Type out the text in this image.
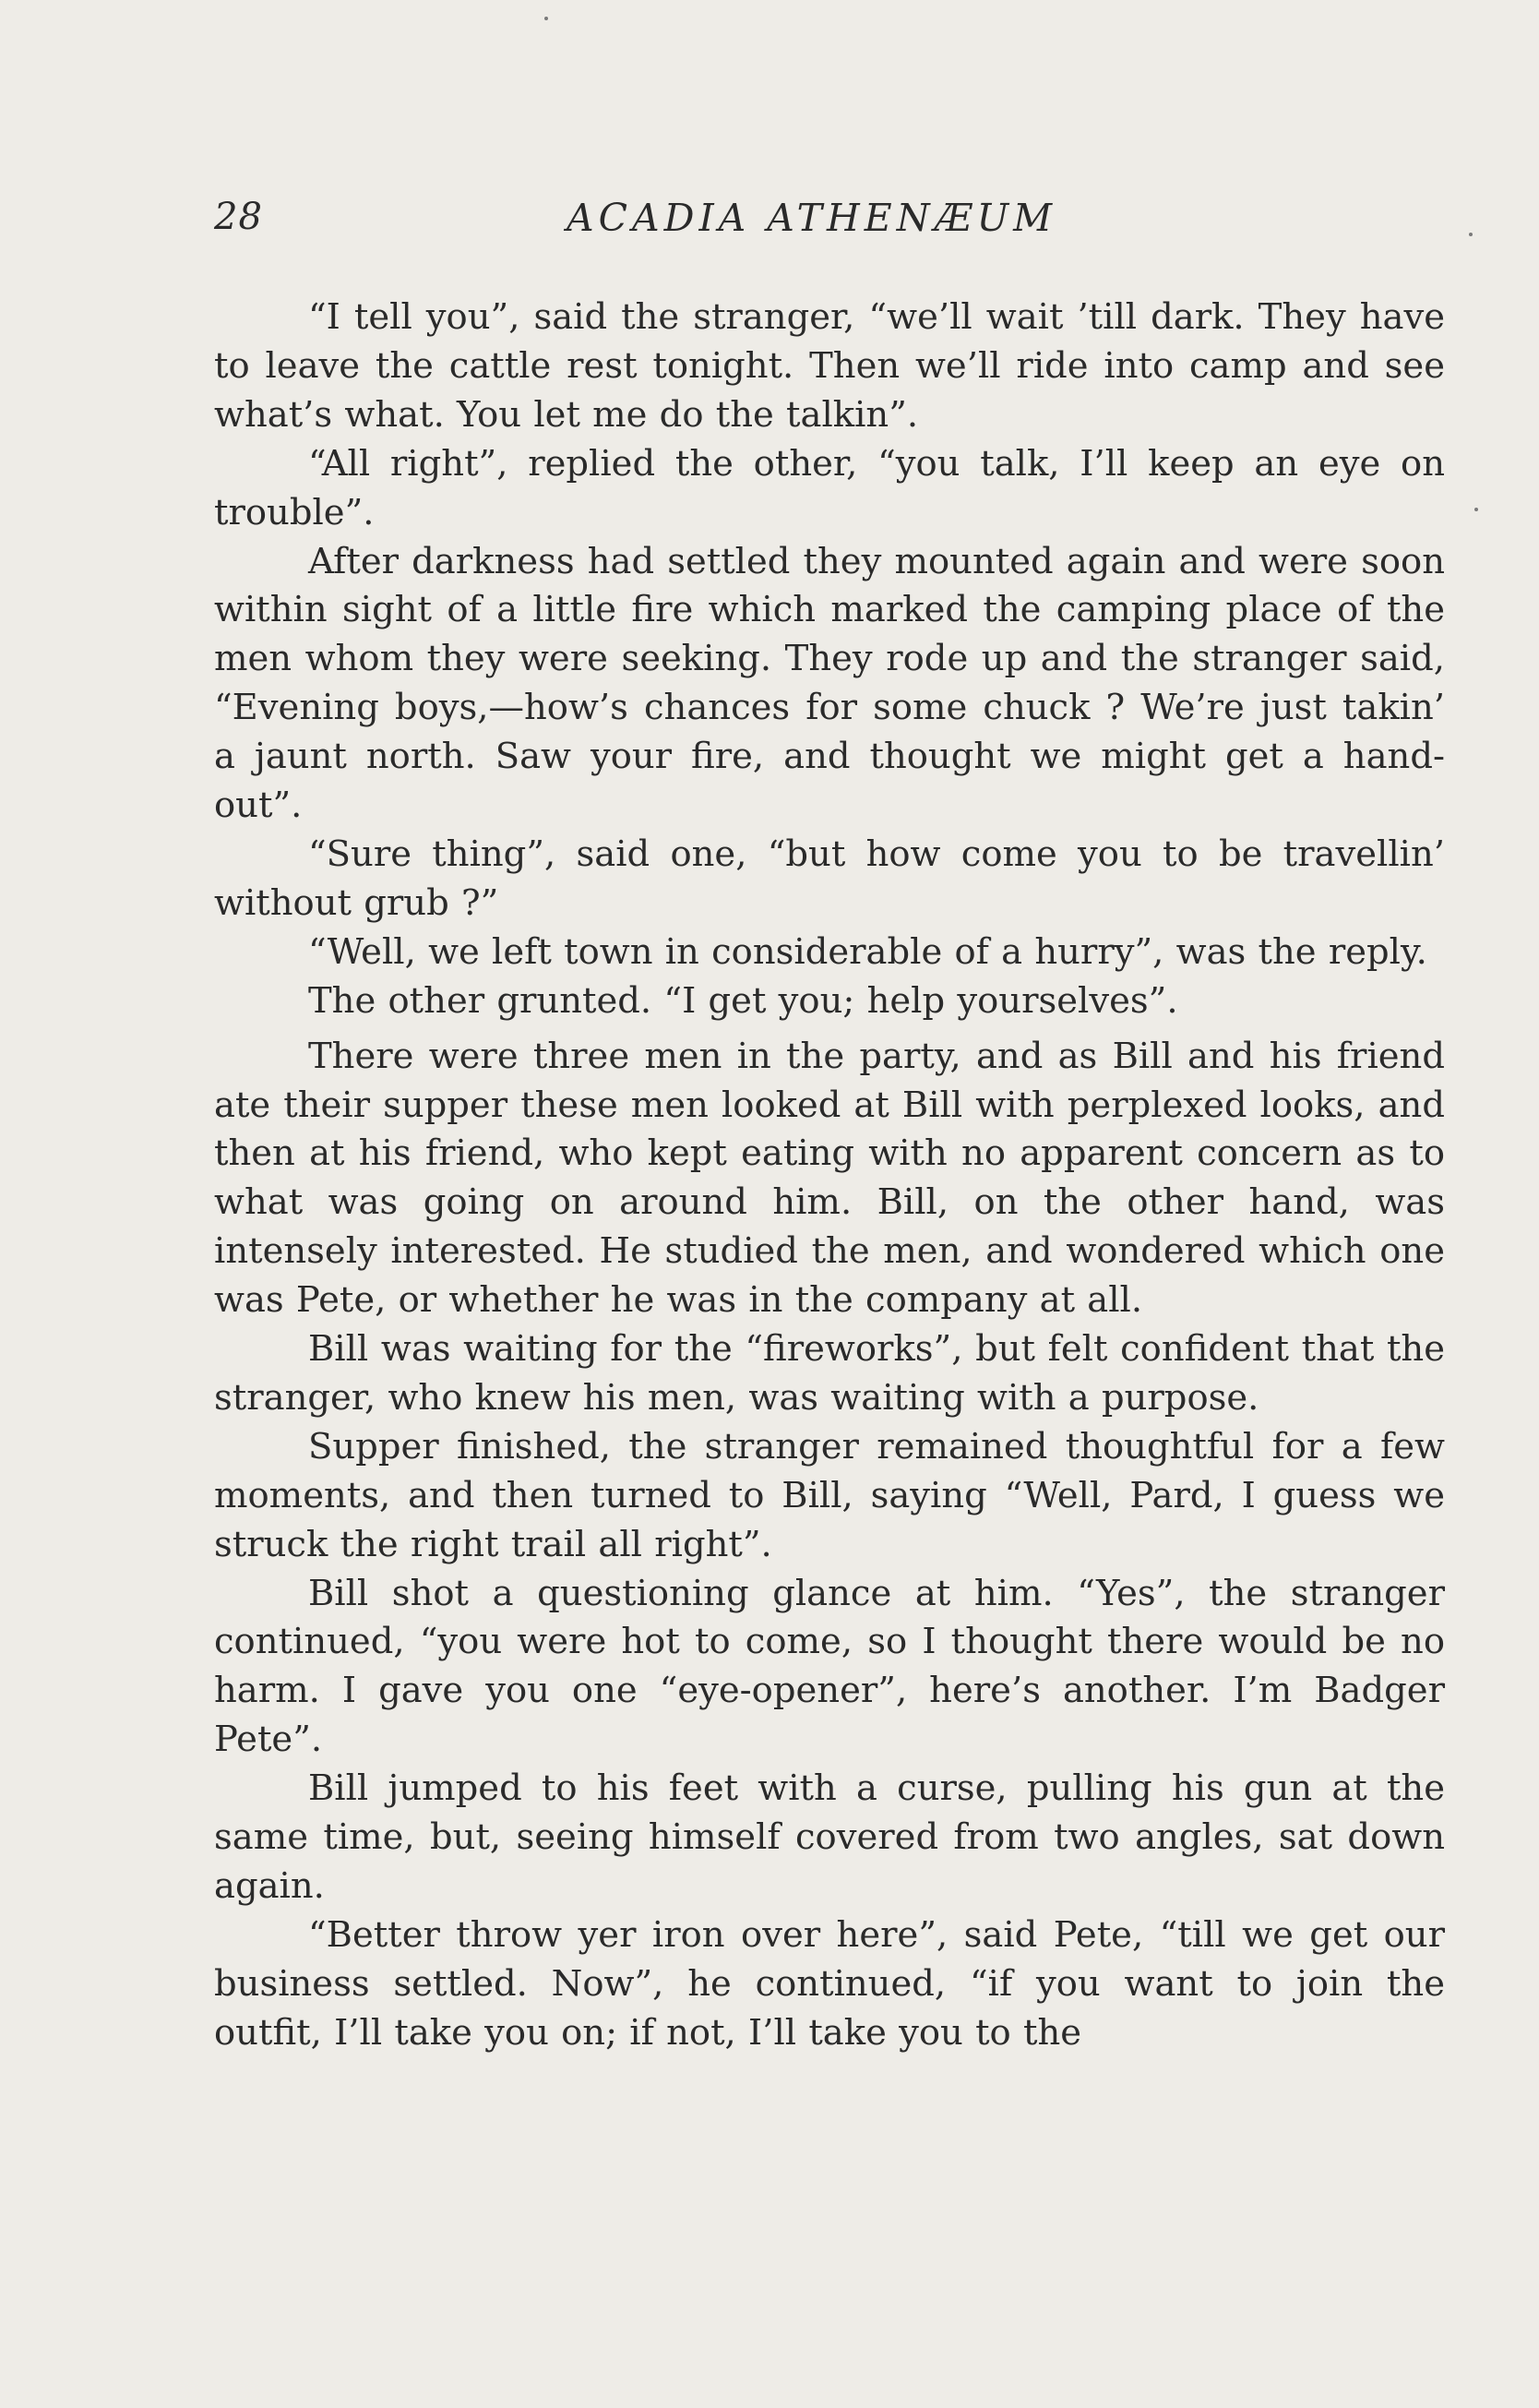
28	ACADIA ATHENÆUM

“I tell you”, said the stranger, “we’ll wait ’till dark. They have to leave the cattle rest tonight. Then we’ll ride into camp and see what’s what. You let me do the talkin”.

“All right”, replied the other, “you talk, I’ll keep an eye on trouble”.

After darkness had settled they mounted again and were soon within sight of a little fire which marked the camping place of the men whom they were seeking. They rode up and the stranger said, “Evening boys,—how’s chances for some chuck ? We’re just takin’ a jaunt north. Saw your fire, and thought we might get a hand-out”.

“Sure thing”, said one, “but how come you to be travellin’ without grub ?”

“Well, we left town in considerable of a hurry”, was the reply.

The other grunted. “I get you; help yourselves”.

There were three men in the party, and as Bill and his friend ate their supper these men looked at Bill with perplexed looks, and then at his friend, who kept eating with no apparent concern as to what was going on around him. Bill, on the other hand, was intensely interested. He studied the men, and wondered which one was Pete, or whether he was in the company at all.

Bill was waiting for the “fireworks”, but felt confident that the stranger, who knew his men, was waiting with a purpose.

Supper finished, the stranger remained thoughtful for a few moments, and then turned to Bill, saying “Well, Pard, I guess we struck the right trail all right”.

Bill shot a questioning glance at him. “Yes”, the stranger continued, “you were hot to come, so I thought there would be no harm. I gave you one “eye-opener”, here’s another. I’m Badger Pete”.

Bill jumped to his feet with a curse, pulling his gun at the same time, but, seeing himself covered from two angles, sat down again.

“Better throw yer iron over here”, said Pete, “till we get our business settled. Now”, he continued, “if you want to join the outfit, I’ll take you on; if not, I’ll take you to the
